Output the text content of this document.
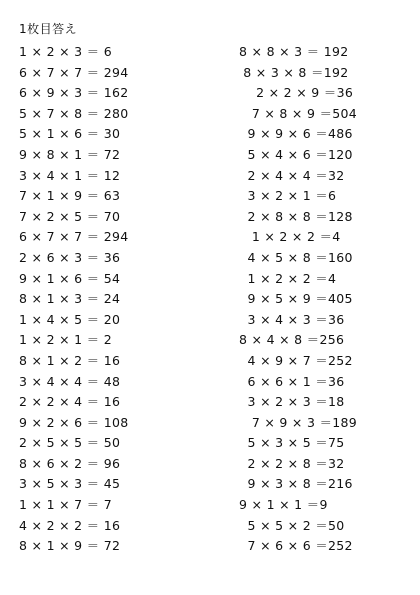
1枚目答え
1 × 2 × 3 ＝ 6
6 × 7 × 7 ＝ 294
6 × 9 × 3 ＝ 162
5 × 7 × 8 ＝ 280
5 × 1 × 6 ＝ 30
9 × 8 × 1 ＝ 72
3 × 4 × 1 ＝ 12
7 × 1 × 9 ＝ 63
7 × 2 × 5 ＝ 70
6 × 7 × 7 ＝ 294
2 × 6 × 3 ＝ 36
9 × 1 × 6 ＝ 54
8 × 1 × 3 ＝ 24
1 × 4 × 5 ＝ 20
1 × 2 × 1 ＝ 2
8 × 1 × 2 ＝ 16
3 × 4 × 4 ＝ 48
2 × 2 × 4 ＝ 16
9 × 2 × 6 ＝ 108
2 × 5 × 5 ＝ 50
8 × 6 × 2 ＝ 96
3 × 5 × 3 ＝ 45
1 × 1 × 7 ＝ 7
4 × 2 × 2 ＝ 16
8 × 1 × 9 ＝ 72
8 × 8 × 3 ＝ 192
8 × 3 × 8 ＝192
2 × 2 × 9 ＝36
7 × 8 × 9 ＝504
9 × 9 × 6 ＝486
5 × 4 × 6 ＝120
2 × 4 × 4 ＝32
3 × 2 × 1 ＝6
2 × 8 × 8 ＝128
1 × 2 × 2 ＝4
4 × 5 × 8 ＝160
1 × 2 × 2 ＝4
9 × 5 × 9 ＝405
3 × 4 × 3 ＝36
8 × 4 × 8 ＝256
4 × 9 × 7 ＝252
6 × 6 × 1 ＝36
3 × 2 × 3 ＝18
7 × 9 × 3 ＝189
5 × 3 × 5 ＝75
2 × 2 × 8 ＝32
9 × 3 × 8 ＝216
9 × 1 × 1 ＝9
5 × 5 × 2 ＝50
7 × 6 × 6 ＝252
